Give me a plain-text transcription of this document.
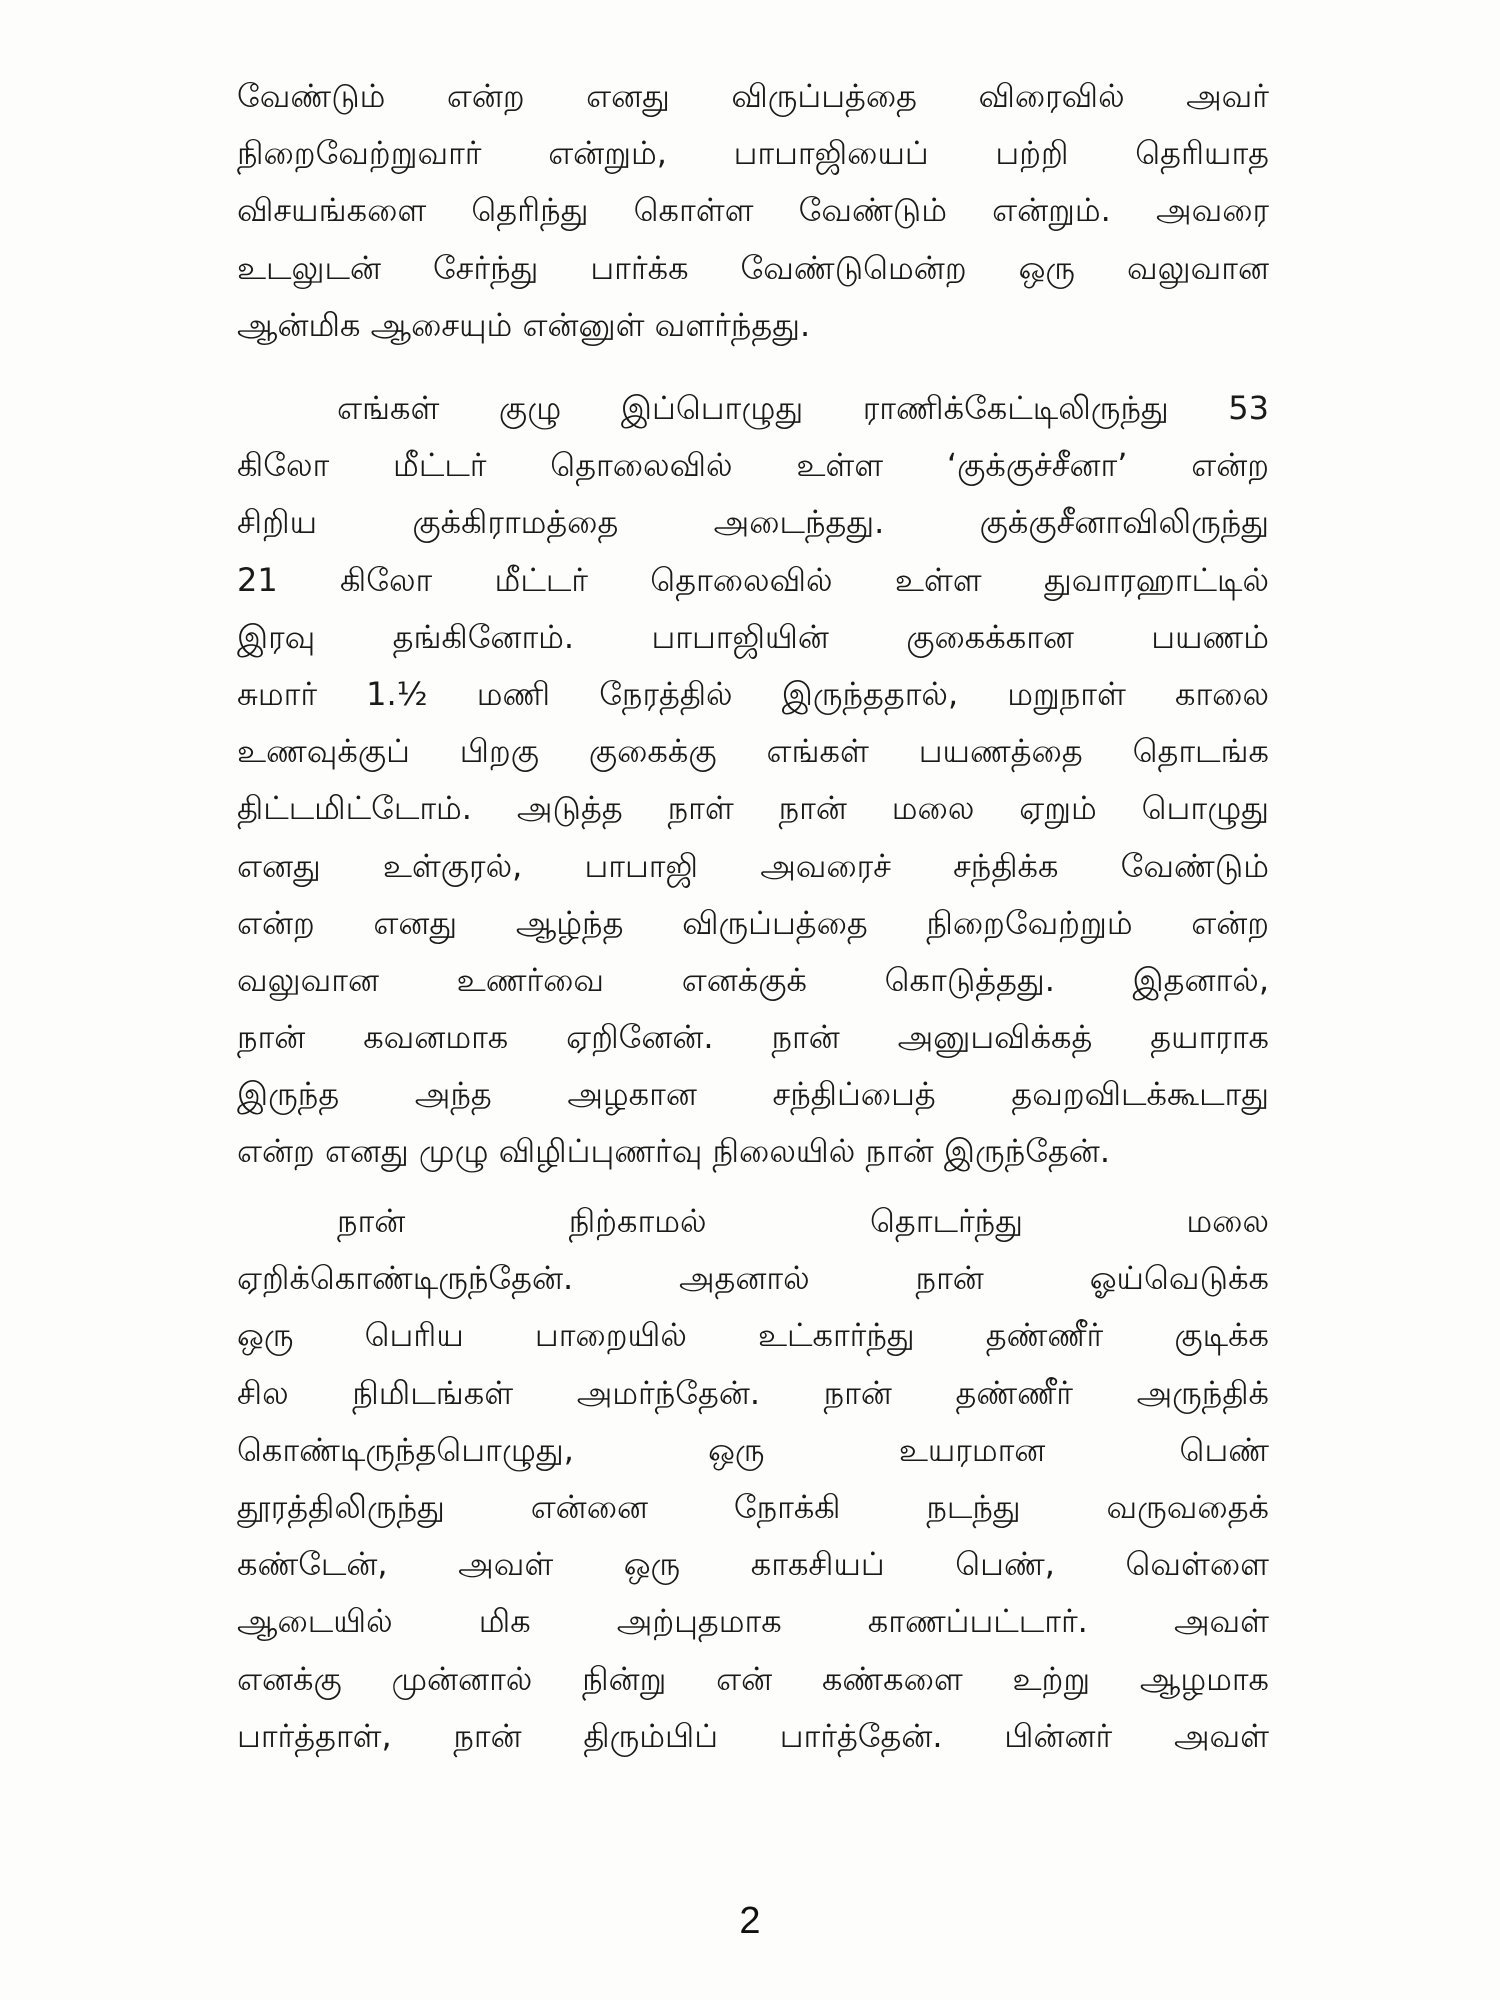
வேண்டும் என்ற எனது விருப்பத்தை விரைவில் அவர்
நிறைவேற்றுவார் என்றும், பாபாஜியைப் பற்றி தெரியாத
விசயங்களை தெரிந்து கொள்ள வேண்டும் என்றும். அவரை
உடலுடன் சேர்ந்து பார்க்க வேண்டுமென்ற ஒரு வலுவான
ஆன்மிக ஆசையும் என்னுள் வளர்ந்தது.
எங்கள் குழு இப்பொழுது ராணிக்கேட்டிலிருந்து 53
கிலோ மீட்டர் தொலைவில் உள்ள ‘குக்குச்சீனா’ என்ற
சிறிய குக்கிராமத்தை அடைந்தது. குக்குசீனாவிலிருந்து
21 கிலோ மீட்டர் தொலைவில் உள்ள துவாரஹாட்டில்
இரவு தங்கினோம். பாபாஜியின் குகைக்கான பயணம்
சுமார் 1.½ மணி நேரத்தில் இருந்ததால், மறுநாள் காலை
உணவுக்குப் பிறகு குகைக்கு எங்கள் பயணத்தை தொடங்க
திட்டமிட்டோம். அடுத்த நாள் நான் மலை ஏறும் பொழுது
எனது உள்குரல், பாபாஜி அவரைச் சந்திக்க வேண்டும்
என்ற எனது ஆழ்ந்த விருப்பத்தை நிறைவேற்றும் என்ற
வலுவான உணர்வை எனக்குக் கொடுத்தது. இதனால்,
நான் கவனமாக ஏறினேன். நான் அனுபவிக்கத் தயாராக
இருந்த அந்த அழகான சந்திப்பைத் தவறவிடக்கூடாது
என்ற எனது முழு விழிப்புணர்வு நிலையில் நான் இருந்தேன்.
நான் நிற்காமல் தொடர்ந்து மலை
ஏறிக்கொண்டிருந்தேன். அதனால் நான் ஓய்வெடுக்க
ஒரு பெரிய பாறையில் உட்கார்ந்து தண்ணீர் குடிக்க
சில நிமிடங்கள் அமர்ந்தேன். நான் தண்ணீர் அருந்திக்
கொண்டிருந்தபொழுது, ஒரு உயரமான பெண்
தூரத்திலிருந்து என்னை நோக்கி நடந்து வருவதைக்
கண்டேன், அவள் ஒரு காகசியப் பெண், வெள்ளை
ஆடையில் மிக அற்புதமாக காணப்பட்டார். அவள்
எனக்கு முன்னால் நின்று என் கண்களை உற்று ஆழமாக
பார்த்தாள், நான் திரும்பிப் பார்த்தேன். பின்னர் அவள்
2
